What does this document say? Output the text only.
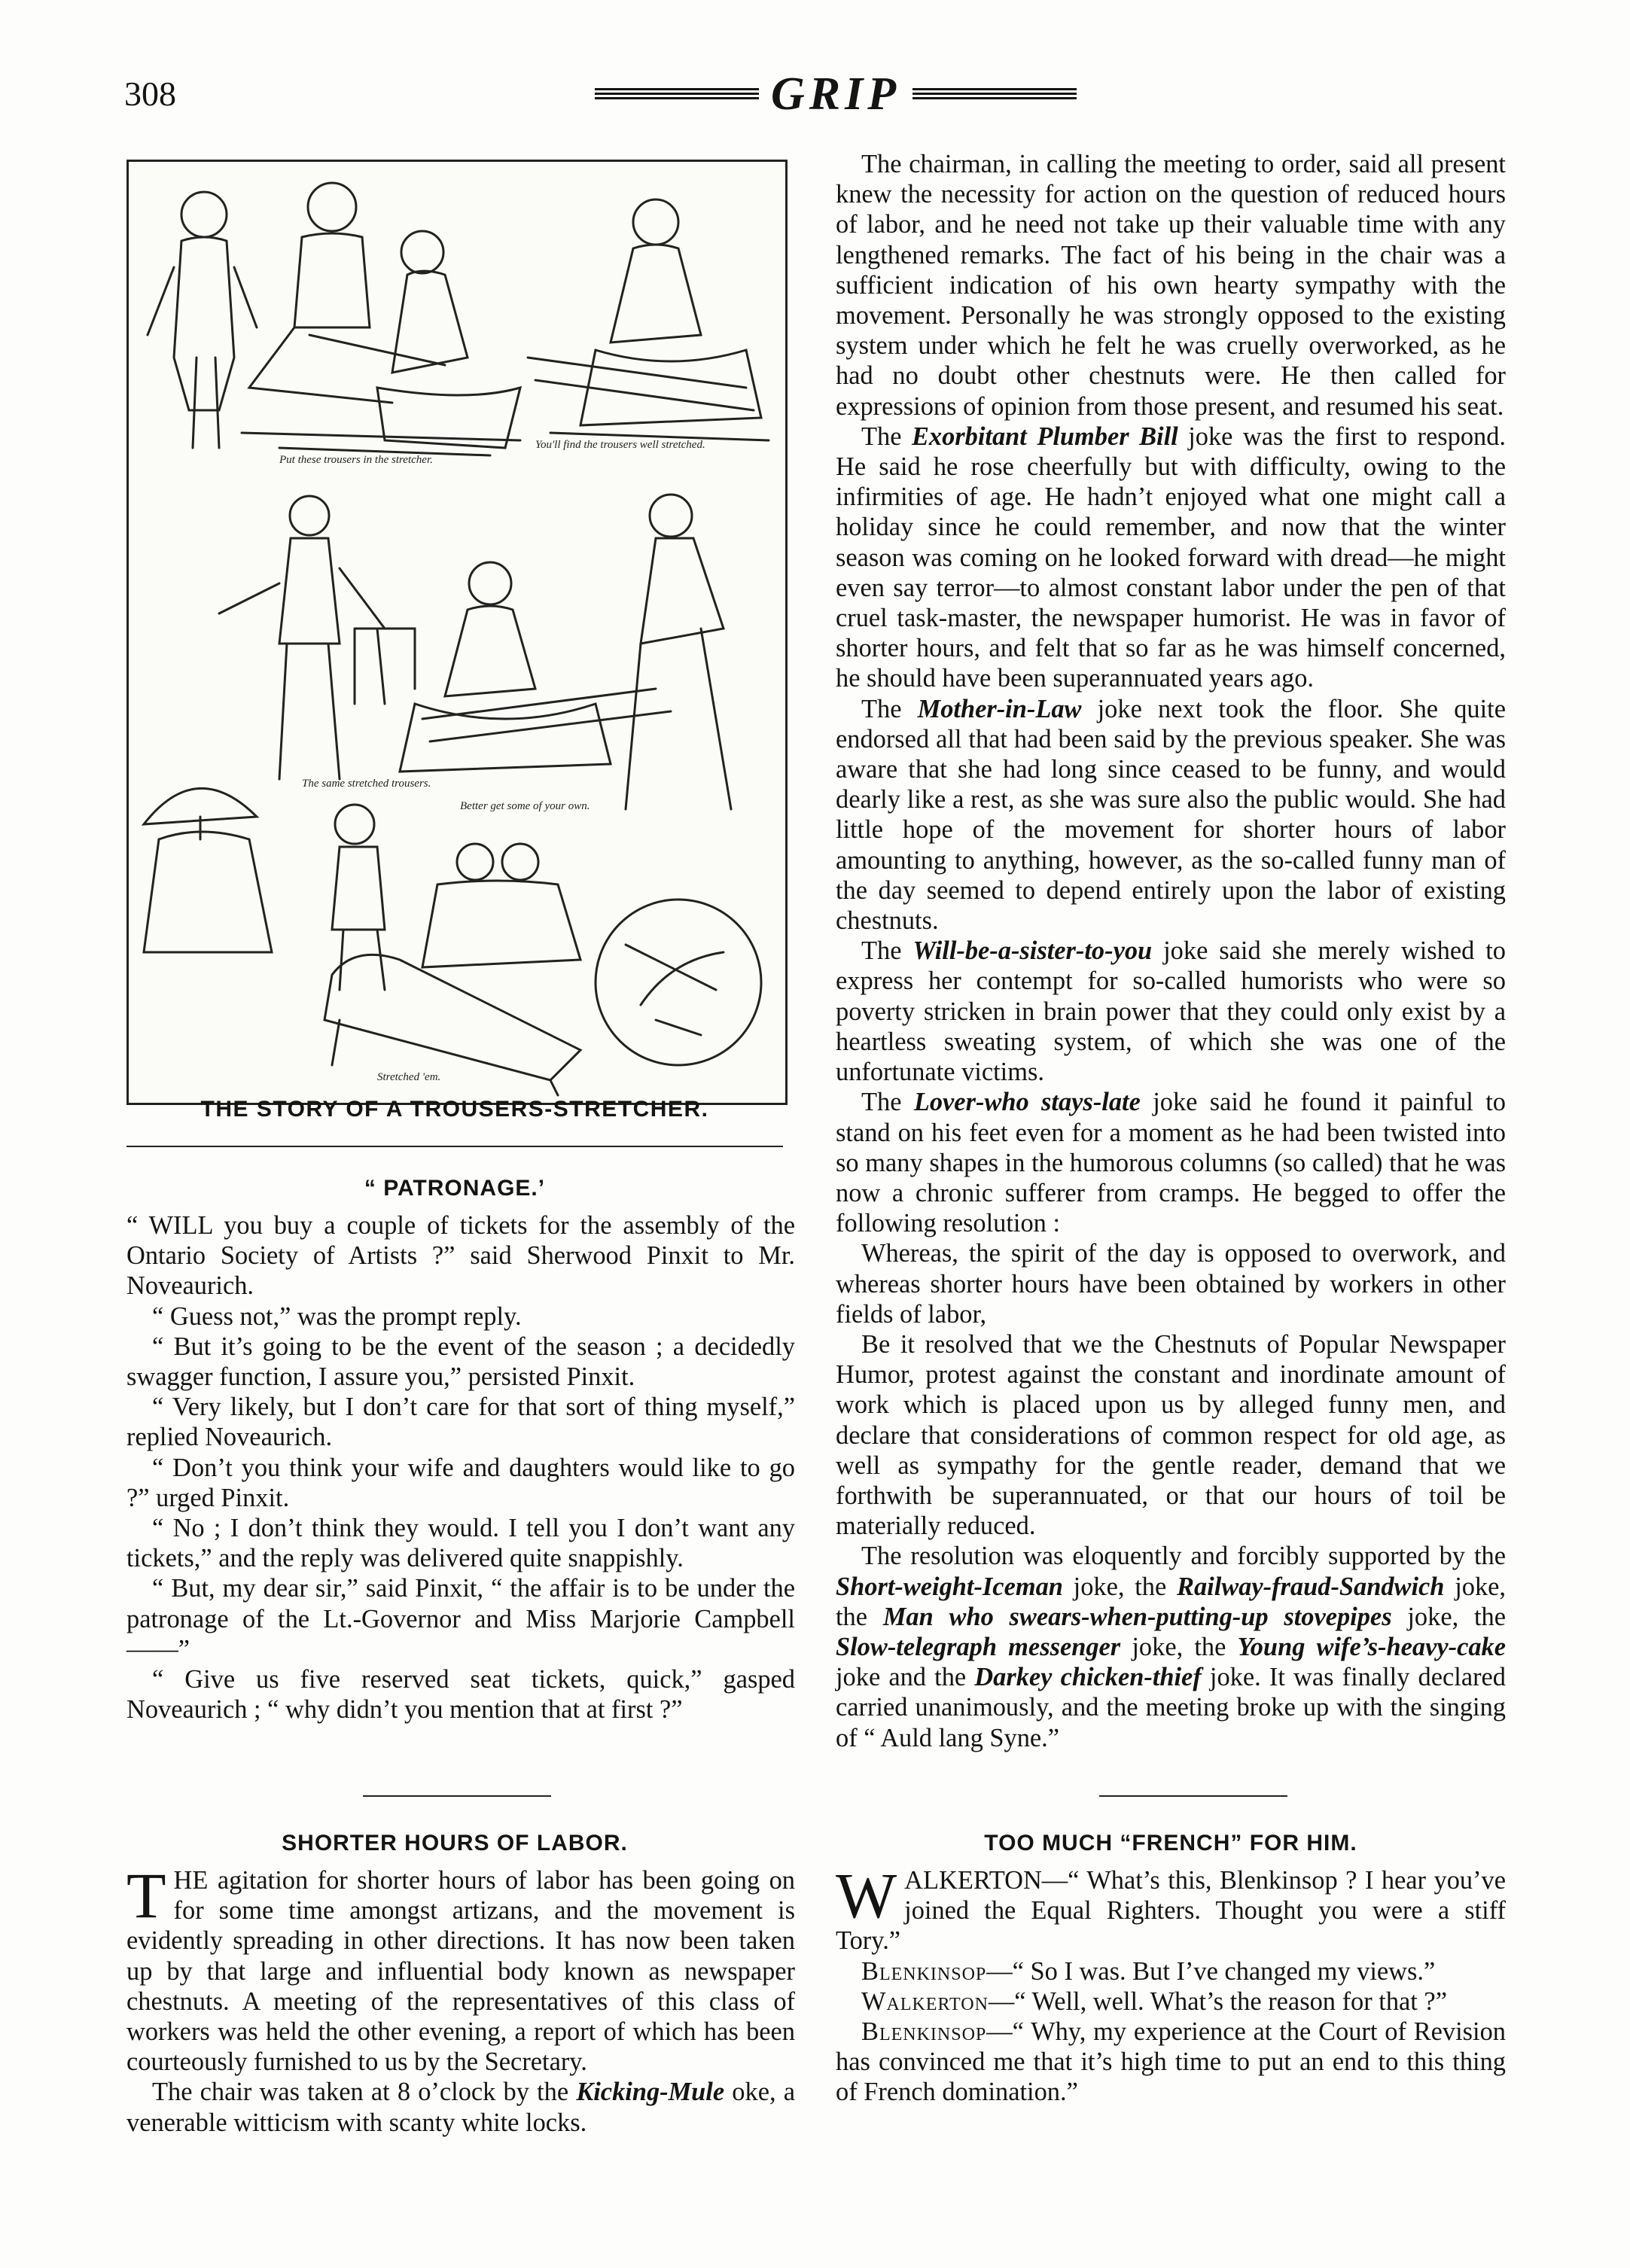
308	GRIP
Put these trousers in the stretcher.
You'll find the trousers well stretched.
Better get some of your own.
The same stretched trousers.
Stretched 'em.
THE STORY OF A TROUSERS-STRETCHER.
“ PATRONAGE.’

“ WILL you buy a couple of tickets for the assembly of the Ontario Society of Artists ?” said Sherwood Pinxit to Mr. Noveaurich.

“ Guess not,” was the prompt reply.

“ But it’s going to be the event of the season ; a decidedly swagger function, I assure you,” persisted Pinxit.

“ Very likely, but I don’t care for that sort of thing myself,” replied Noveaurich.

“ Don’t you think your wife and daughters would like to go ?” urged Pinxit.

“ No ; I don’t think they would. I tell you I don’t want any tickets,” and the reply was delivered quite snappishly.

“ But, my dear sir,” said Pinxit, “ the affair is to be under the patronage of the Lt.-Governor and Miss Marjorie Campbell ——”

“ Give us five reserved seat tickets, quick,” gasped Noveaurich ; “ why didn’t you mention that at first ?”

SHORTER HOURS OF LABOR.

THE agitation for shorter hours of labor has been going on for some time amongst artizans, and the movement is evidently spreading in other directions. It has now been taken up by that large and influential body known as newspaper chestnuts. A meeting of the representatives of this class of workers was held the other evening, a report of which has been courteously furnished to us by the Secretary.

The chair was taken at 8 o’clock by the Kicking-Mule oke, a venerable witticism with scanty white locks.

The chairman, in calling the meeting to order, said all present knew the necessity for action on the question of reduced hours of labor, and he need not take up their valuable time with any lengthened remarks. The fact of his being in the chair was a sufficient indication of his own hearty sympathy with the movement. Personally he was strongly opposed to the existing system under which he felt he was cruelly overworked, as he had no doubt other chestnuts were. He then called for expressions of opinion from those present, and resumed his seat.

The Exorbitant Plumber Bill joke was the first to respond. He said he rose cheerfully but with difficulty, owing to the infirmities of age. He hadn’t enjoyed what one might call a holiday since he could remember, and now that the winter season was coming on he looked forward with dread—he might even say terror—to almost constant labor under the pen of that cruel task-master, the newspaper humorist. He was in favor of shorter hours, and felt that so far as he was himself concerned, he should have been superannuated years ago.

The Mother-in-Law joke next took the floor. She quite endorsed all that had been said by the previous speaker. She was aware that she had long since ceased to be funny, and would dearly like a rest, as she was sure also the public would. She had little hope of the movement for shorter hours of labor amounting to anything, however, as the so-called funny man of the day seemed to depend entirely upon the labor of existing chestnuts.

The Will-be-a-sister-to-you joke said she merely wished to express her contempt for so-called humorists who were so poverty stricken in brain power that they could only exist by a heartless sweating system, of which she was one of the unfortunate victims.

The Lover-who stays-late joke said he found it painful to stand on his feet even for a moment as he had been twisted into so many shapes in the humorous columns (so called) that he was now a chronic sufferer from cramps. He begged to offer the following resolution :

Whereas, the spirit of the day is opposed to overwork, and whereas shorter hours have been obtained by workers in other fields of labor,

Be it resolved that we the Chestnuts of Popular Newspaper Humor, protest against the constant and inordinate amount of work which is placed upon us by alleged funny men, and declare that considerations of common respect for old age, as well as sympathy for the gentle reader, demand that we forthwith be superannuated, or that our hours of toil be materially reduced.

The resolution was eloquently and forcibly supported by the Short-weight-Iceman joke, the Railway-fraud-Sandwich joke, the Man who swears-when-putting-up stovepipes joke, the Slow-telegraph messenger joke, the Young wife’s-heavy-cake joke and the Darkey chicken-thief joke. It was finally declared carried unanimously, and the meeting broke up with the singing of “ Auld lang Syne.”

TOO MUCH “FRENCH” FOR HIM.

WALKERTON—“ What’s this, Blenkinsop ? I hear you’ve joined the Equal Righters. Thought you were a stiff Tory.”

Blenkinsop—“ So I was. But I’ve changed my views.”

Walkerton—“ Well, well. What’s the reason for that ?”

Blenkinsop—“ Why, my experience at the Court of Revision has convinced me that it’s high time to put an end to this thing of French domination.”
